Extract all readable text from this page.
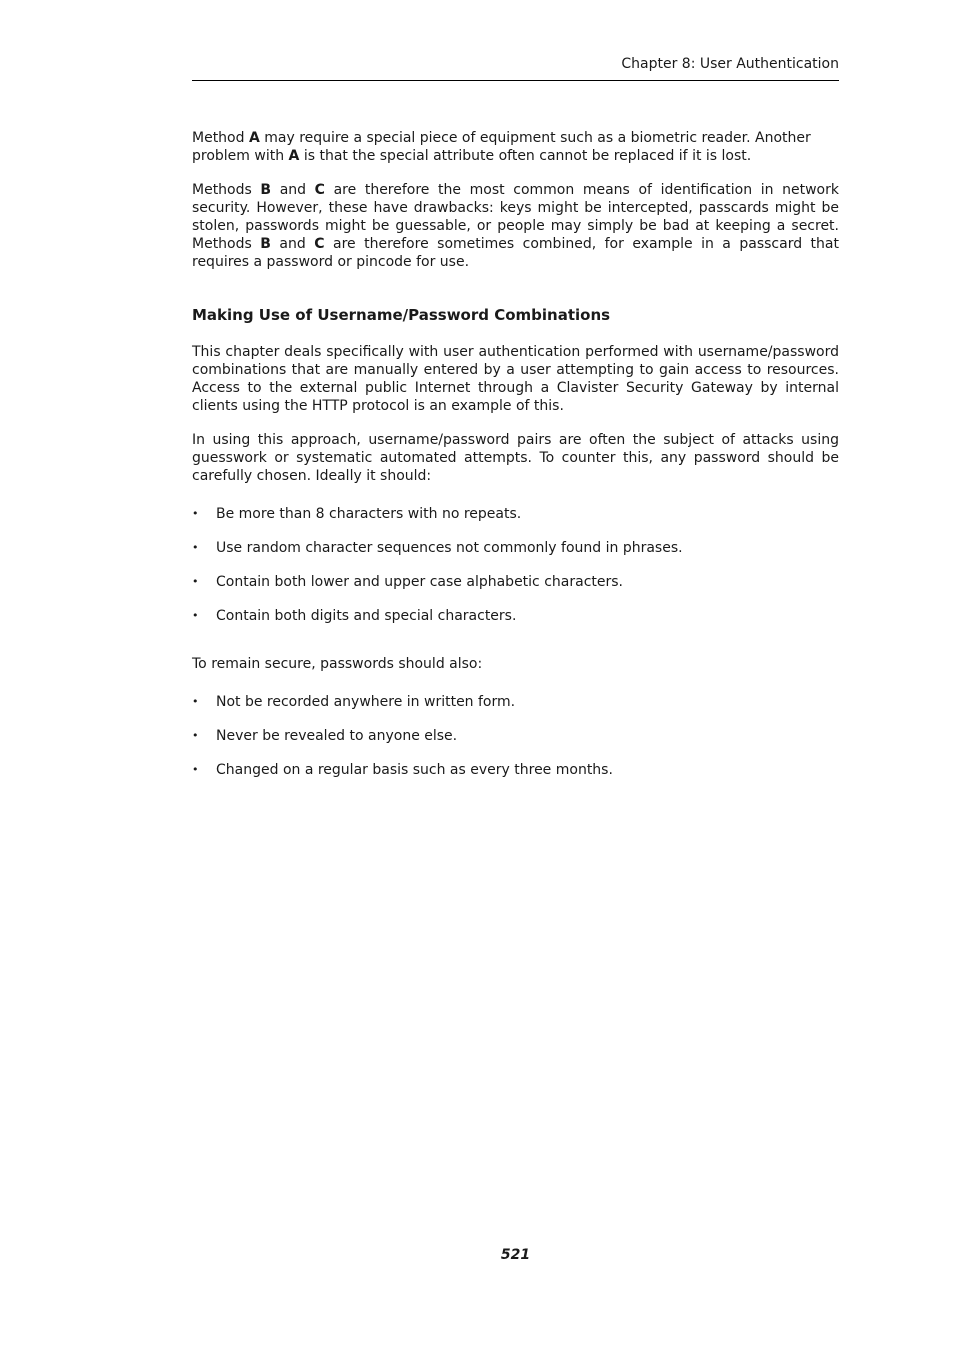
Chapter 8: User Authentication

Method A may require a special piece of equipment such as a biometric reader. Another problem with A is that the special attribute often cannot be replaced if it is lost.

Methods B and C are therefore the most common means of identification in network security. However, these have drawbacks: keys might be intercepted, passcards might be stolen, passwords might be guessable, or people may simply be bad at keeping a secret. Methods B and C are therefore sometimes combined, for example in a passcard that requires a password or pincode for use.

Making Use of Username/Password Combinations

This chapter deals specifically with user authentication performed with username/password combinations that are manually entered by a user attempting to gain access to resources. Access to the external public Internet through a Clavister Security Gateway by internal clients using the HTTP protocol is an example of this.

In using this approach, username/password pairs are often the subject of attacks using guesswork or systematic automated attempts. To counter this, any password should be carefully chosen. Ideally it should:

• Be more than 8 characters with no repeats.
• Use random character sequences not commonly found in phrases.
• Contain both lower and upper case alphabetic characters.
• Contain both digits and special characters.

To remain secure, passwords should also:

• Not be recorded anywhere in written form.
• Never be revealed to anyone else.
• Changed on a regular basis such as every three months.
521
